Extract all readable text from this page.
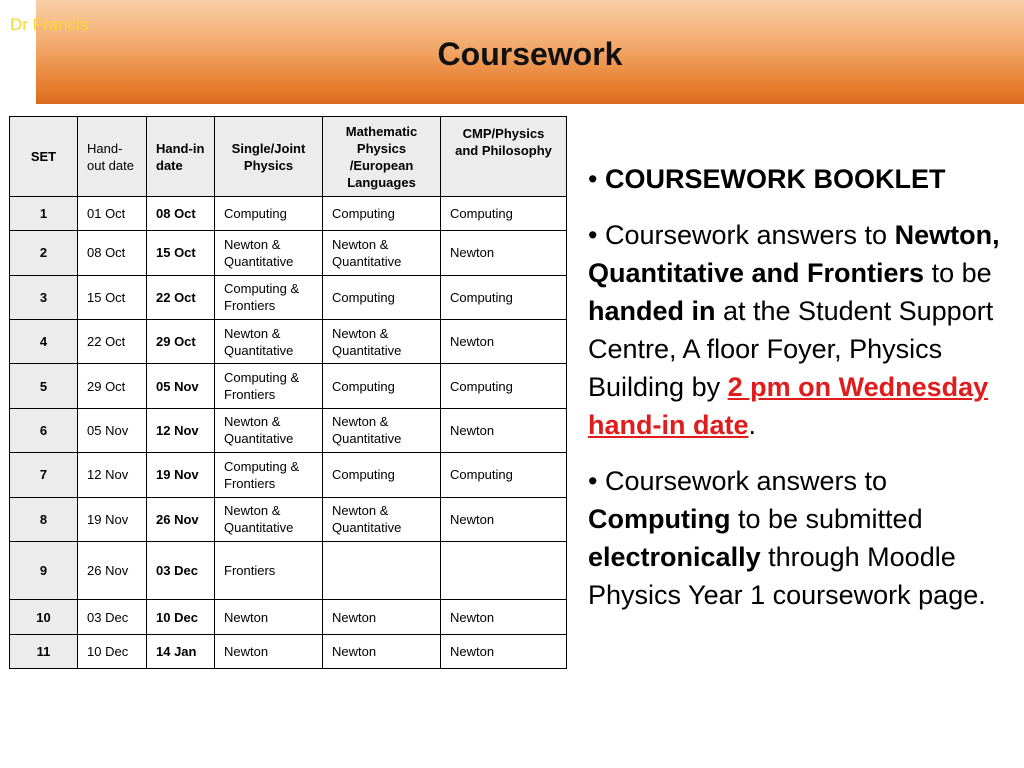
Dr Francis
Coursework
SET	Hand-out date	Hand-in date	Single/Joint Physics	Mathematic Physics /European Languages	CMP/Physics and Philosophy
1	01 Oct	08 Oct	Computing	Computing	Computing
2	08 Oct	15 Oct	Newton & Quantitative	Newton & Quantitative	Newton
3	15 Oct	22 Oct	Computing & Frontiers	Computing	Computing
4	22 Oct	29 Oct	Newton & Quantitative	Newton & Quantitative	Newton
5	29 Oct	05 Nov	Computing & Frontiers	Computing	Computing
6	05 Nov	12 Nov	Newton & Quantitative	Newton & Quantitative	Newton
7	12 Nov	19 Nov	Computing & Frontiers	Computing	Computing
8	19 Nov	26 Nov	Newton & Quantitative	Newton & Quantitative	Newton
9	26 Nov	03 Dec	Frontiers		
10	03 Dec	10 Dec	Newton	Newton	Newton
11	10 Dec	14 Jan	Newton	Newton	Newton

• COURSEWORK BOOKLET

• Coursework answers to Newton, Quantitative and Frontiers to be handed in at the Student Support Centre, A floor Foyer, Physics Building by 2 pm on Wednesday hand-in date.

• Coursework answers to Computing to be submitted electronically through Moodle Physics Year 1 coursework page.
